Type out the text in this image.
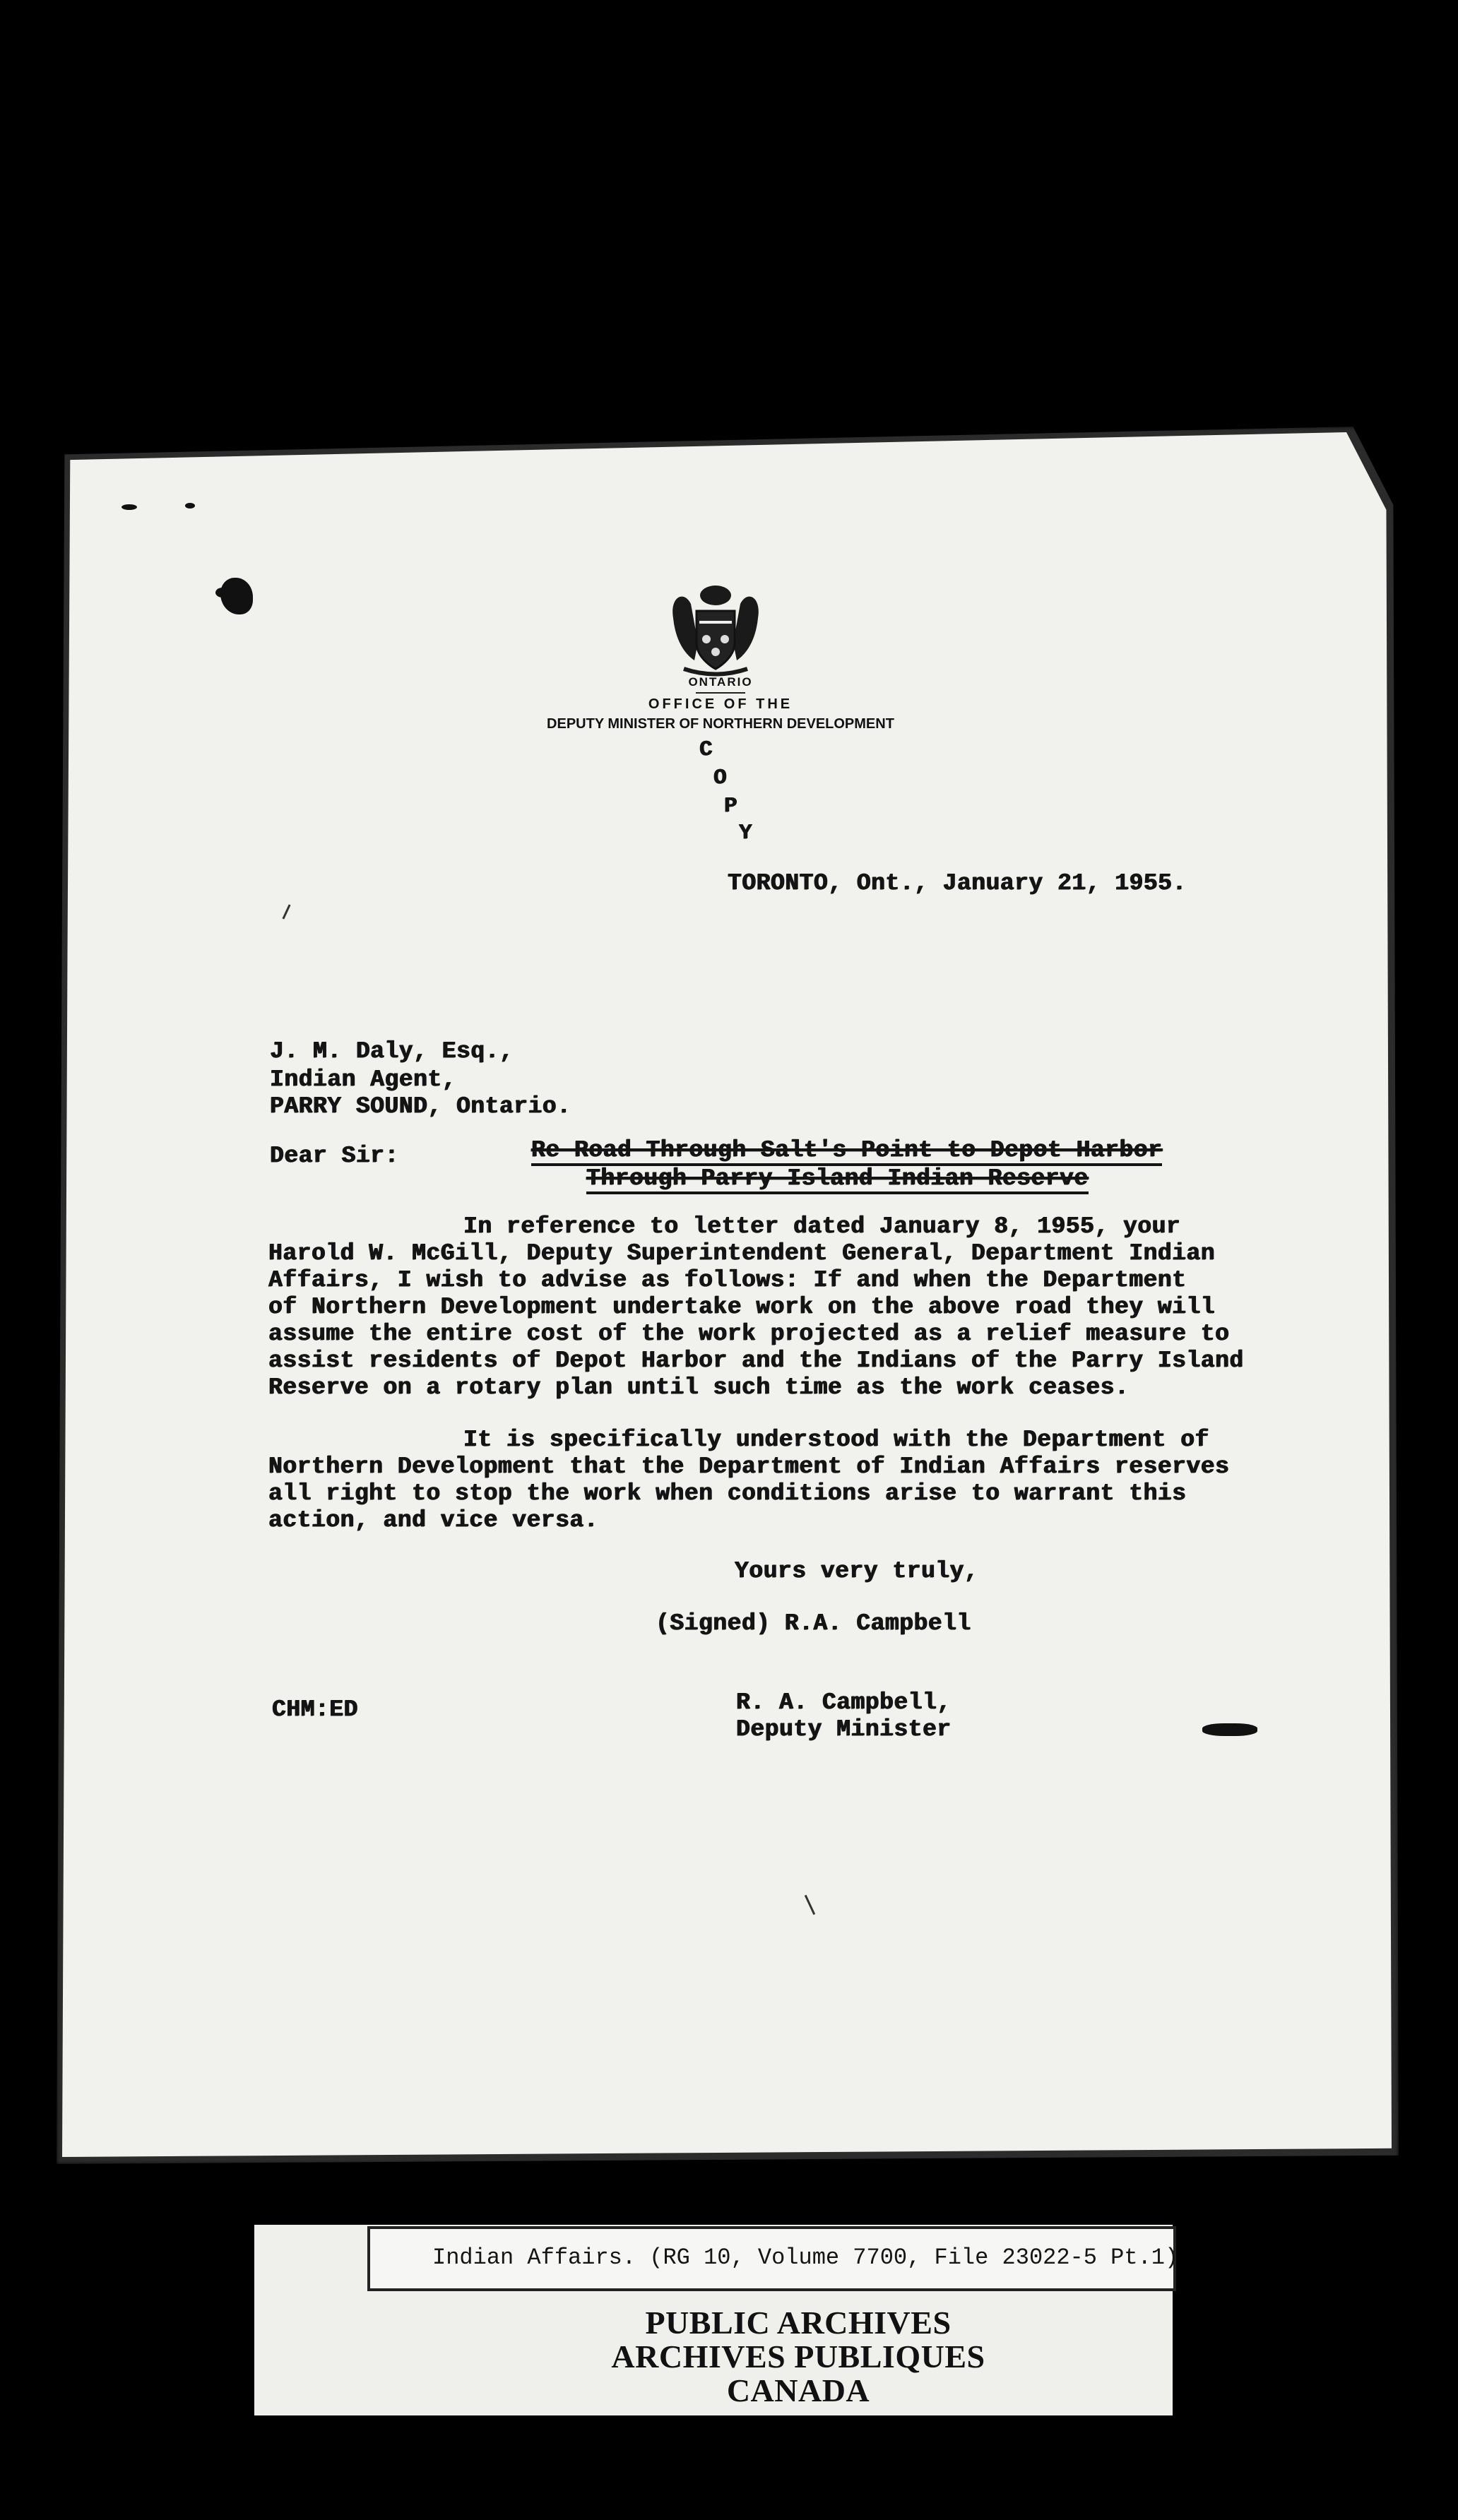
ONTARIO
OFFICE OF THE
DEPUTY MINISTER OF NORTHERN DEVELOPMENT
C
O
P
Y
TORONTO, Ont., January 21, 1955.
J. M. Daly, Esq.,
Indian Agent,
PARRY SOUND, Ontario.
Dear Sir:	Re Road Through Salt's Point to Depot Harbor
Through Parry Island Indian Reserve
In reference to letter dated January 8, 1955, your
Harold W. McGill, Deputy Superintendent General, Department Indian
Affairs, I wish to advise as follows: If and when the Department
of Northern Development undertake work on the above road they will
assume the entire cost of the work projected as a relief measure to
assist residents of Depot Harbor and the Indians of the Parry Island
Reserve on a rotary plan until such time as the work ceases.
It is specifically understood with the Department of
Northern Development that the Department of Indian Affairs reserves
all right to stop the work when conditions arise to warrant this
action, and vice versa.
Yours very truly,
(Signed) R.A. Campbell
CHM:ED	R. A. Campbell,
Deputy Minister
Indian Affairs. (RG 10, Volume 7700, File 23022-5 Pt.1)
PUBLIC ARCHIVES
ARCHIVES PUBLIQUES
CANADA
